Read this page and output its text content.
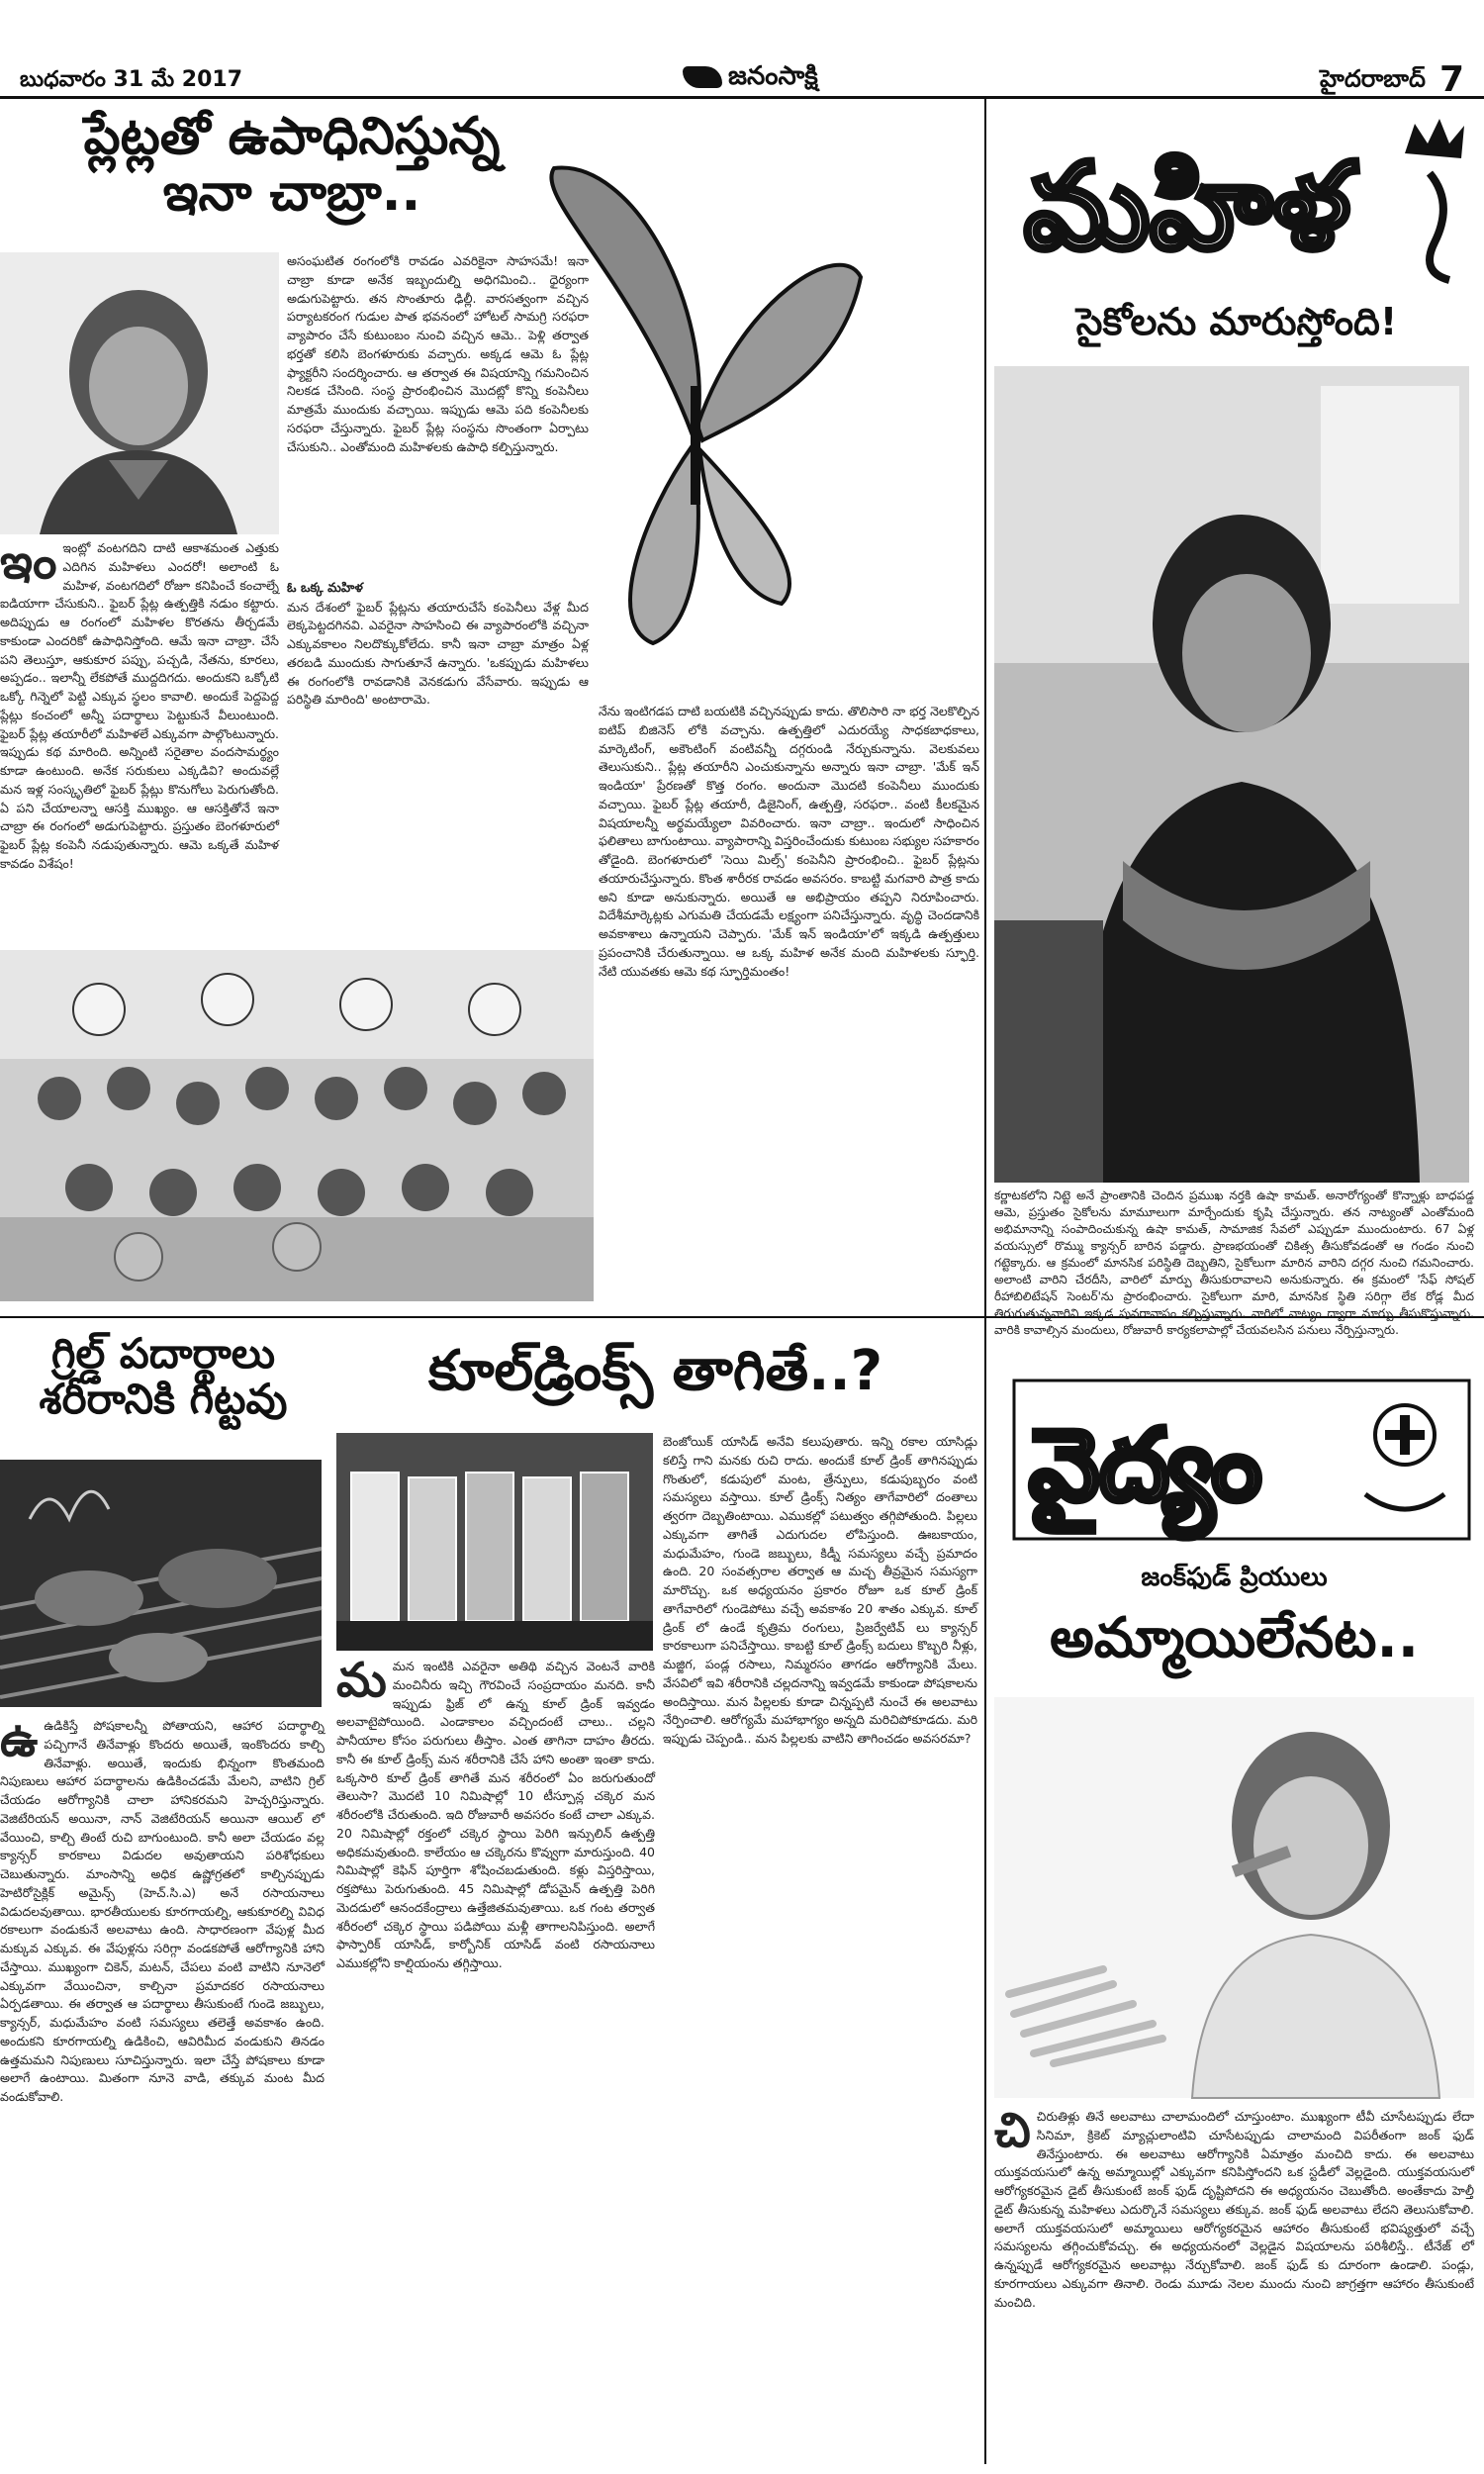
బుధవారం 31 మే 2017	జనంసాక్షి	హైదరాబాద్ 7
ప్లేట్లతో ఉపాధినిస్తున్న
ఇనా చాబ్రా..

అసంఘటిత రంగంలోకి రావడం ఎవరికైనా సాహసమే! ఇనా చాబ్రా కూడా అనేక ఇబ్బందుల్ని అధిగమించి.. ధైర్యంగా అడుగుపెట్టారు. తన సొంతూరు ఢిల్లీ. వారసత్వంగా వచ్చిన పర్యాటకరంగ గుడుల పాత భవనంలో హోటల్ సామగ్రి సరఫరా వ్యాపారం చేసే కుటుంబం నుంచి వచ్చిన ఆమె.. పెళ్లి తర్వాత భర్తతో కలిసి బెంగళూరుకు వచ్చారు. అక్కడ ఆమె ఓ ప్లేట్ల ఫ్యాక్టరీని సందర్శించారు. ఆ తర్వాత ఈ విషయాన్ని గమనించిన నిలకడ చేసింది. సంస్థ ప్రారంభించిన మొదట్లో కొన్ని కంపెనీలు మాత్రమే ముందుకు వచ్చాయి. ఇప్పుడు ఆమె పది కంపెనీలకు సరఫరా చేస్తున్నారు. ఫైబర్ ప్లేట్ల సంస్థను సొంతంగా ఏర్పాటు చేసుకుని.. ఎంతోమంది మహిళలకు ఉపాధి కల్పిస్తున్నారు.

ఇం ఇంట్లో వంటగదిని దాటి ఆకాశమంత ఎత్తుకు ఎదిగిన మహిళలు ఎందరో! అలాంటి ఓ మహిళ, వంటగదిలో రోజూ కనిపించే కంచాల్నే ఐడియాగా చేసుకుని.. ఫైబర్ ప్లేట్ల ఉత్పత్తికి నడుం కట్టారు. అదిప్పుడు ఆ రంగంలో మహిళల కొరతను తీర్చడమే కాకుండా ఎందరికో ఉపాధినిస్తోంది. ఆమే ఇనా చాబ్రా. చేసే పని తెలుస్తూ, ఆకుకూర పప్పు, పచ్చడి, నేతను, కూరలు, అప్పడం.. ఇలాన్నీ లేకపోతే ముద్దదిగదు. అందుకని ఒక్కోటి ఒక్కో గిన్నెలో పెట్టి ఎక్కువ స్థలం కావాలి. అందుకే పెద్దపెద్ద ప్లేట్లు కంచంలో అన్నీ పదార్థాలు పెట్టుకునే వీలుంటుంది. ఫైబర్ ప్లేట్ల తయారీలో మహిళలే ఎక్కువగా పాల్గొంటున్నారు. ఇప్పుడు కథ మారింది. అన్నింటి సరైతాల వందసామర్థ్యం కూడా ఉంటుంది. అనేక సరుకులు ఎక్కడివి? అందువల్లే మన ఇళ్ల సంస్కృతిలో ఫైబర్ ప్లేట్లు కొనుగోలు పెరుగుతోంది. ఏ పని చేయాలన్నా ఆసక్తి ముఖ్యం. ఆ ఆసక్తితోనే ఇనా చాబ్రా ఈ రంగంలో అడుగుపెట్టారు. ప్రస్తుతం బెంగళూరులో ఫైబర్ ప్లేట్ల కంపెనీ నడుపుతున్నారు. ఆమె ఒక్కతే మహిళ కావడం విశేషం!

ఓ ఒక్క మహిళ

మన దేశంలో ఫైబర్ ప్లేట్లను తయారుచేసే కంపెనీలు వేళ్ల మీద లెక్కపెట్టదగినవి. ఎవరైనా సాహసించి ఈ వ్యాపారంలోకి వచ్చినా ఎక్కువకాలం నిలదొక్కుకోలేదు. కానీ ఇనా చాబ్రా మాత్రం ఏళ్ల తరబడి ముందుకు సాగుతూనే ఉన్నారు. 'ఒకప్పుడు మహిళలు ఈ రంగంలోకి రావడానికి వెనకడుగు వేసేవారు. ఇప్పుడు ఆ పరిస్థితి మారింది' అంటారామె.

నేను ఇంటిగడప దాటి బయటికి వచ్చినప్పుడు కాదు. తొలిసారి నా భర్త నెలకొల్పిన ఐటిప్ బిజినెస్ లోకి వచ్చాను. ఉత్పత్తిలో ఎదురయ్యే సాధకబాధకాలు, మార్కెటింగ్, అకౌంటింగ్ వంటివన్నీ దగ్గరుండి నేర్చుకున్నాను. వెలకువలు తెలుసుకుని.. ప్లేట్ల తయారీని ఎంచుకున్నాను అన్నారు ఇనా చాబ్రా. 'మేక్ ఇన్ ఇండియా' ప్రేరణతో కొత్త రంగం. అందునా మొదటి కంపెనీలు ముందుకు వచ్చాయి. ఫైబర్ ప్లేట్ల తయారీ, డిజైనింగ్, ఉత్పత్తి, సరఫరా.. వంటి కీలకమైన విషయాలన్నీ అర్థమయ్యేలా వివరించారు. ఇనా చాబ్రా.. ఇందులో సాధించిన ఫలితాలు బాగుంటాయి. వ్యాపారాన్ని విస్తరించేందుకు కుటుంబ సభ్యుల సహకారం తోడైంది. బెంగళూరులో 'సెయి మిల్స్' కంపెనీని ప్రారంభించి.. ఫైబర్ ప్లేట్లను తయారుచేస్తున్నారు. కొంత శారీరక రావడం అవసరం. కాబట్టి మగవారి పాత్ర కాదు అని కూడా అనుకున్నారు. అయితే ఆ అభిప్రాయం తప్పని నిరూపించారు. విదేశీమార్కెట్లకు ఎగుమతి చేయడమే లక్ష్యంగా పనిచేస్తున్నారు. వృద్ధి చెందడానికి అవకాశాలు ఉన్నాయని చెప్పారు. 'మేక్ ఇన్ ఇండియా'లో ఇక్కడి ఉత్పత్తులు ప్రపంచానికి చేరుతున్నాయి. ఆ ఒక్క మహిళ అనేక మంది మహిళలకు స్ఫూర్తి. నేటి యువతకు ఆమె కథ స్ఫూర్తిమంతం!

మహిళ
సైకోలను మారుస్తోంది!

కర్ణాటకలోని నిట్టె అనే ప్రాంతానికి చెందిన ప్రముఖ నర్తకి ఉషా కామత్. అనారోగ్యంతో కొన్నాళ్లు బాధపడ్డ ఆమె, ప్రస్తుతం సైకోలను మామూలుగా మార్చేందుకు కృషి చేస్తున్నారు. తన నాట్యంతో ఎంతోమంది అభిమానాన్ని సంపాదించుకున్న ఉషా కామత్, సామాజిక సేవలో ఎప్పుడూ ముందుంటారు. 67 ఏళ్ల వయస్సులో రొమ్ము క్యాన్సర్ బారిన పడ్డారు. ప్రాణభయంతో చికిత్స తీసుకోవడంతో ఆ గండం నుంచి గట్టెక్కారు. ఆ క్రమంలో మానసిక పరిస్థితి దెబ్బతిని, సైకోలుగా మారిన వారిని దగ్గర నుంచి గమనించారు. అలాంటి వారిని చేరదీసి, వారిలో మార్పు తీసుకురావాలని అనుకున్నారు. ఈ క్రమంలో 'సేఫ్ సోషల్ రీహాబిలిటేషన్ సెంటర్'ను ప్రారంభించారు. సైకోలుగా మారి, మానసిక స్థితి సరిగ్గా లేక రోడ్ల మీద తిరుగుతున్నవారిని ఇక్కడ పునరావాసం కల్పిస్తున్నారు. వారిలో నాట్యం ద్వారా మార్పు తీసుకొస్తున్నారు. వారికి కావాల్సిన మందులు, రోజువారీ కార్యకలాపాల్లో చేయవలసిన పనులు నేర్పిస్తున్నారు.

గ్రిల్డ్ పదార్థాలు
శరీరానికి గిట్టవు
ఉ ఉడికిస్తే పోషకాలన్నీ పోతాయని, ఆహార పదార్థాల్ని పచ్చిగానే తినేవాళ్లు కొందరు అయితే, ఇంకొందరు కాల్చి తినేవాళ్లు. అయితే, ఇందుకు భిన్నంగా కొంతమంది నిపుణులు ఆహార పదార్థాలను ఉడికించడమే మేలని, వాటిని గ్రిల్ చేయడం ఆరోగ్యానికి చాలా హానికరమని హెచ్చరిస్తున్నారు. వెజిటేరియన్ అయినా, నాన్ వెజిటేరియన్ అయినా ఆయిల్ లో వేయించి, కాల్చి తింటే రుచి బాగుంటుంది. కానీ అలా చేయడం వల్ల క్యాన్సర్ కారకాలు విడుదల అవుతాయని పరిశోధకులు చెబుతున్నారు. మాంసాన్ని అధిక ఉష్ణోగ్రతలో కాల్చినప్పుడు హెటిరోసైక్లిక్ అమైన్స్ (హెచ్.సి.ఎ) అనే రసాయనాలు విడుదలవుతాయి. భారతీయులకు కూరగాయల్ని, ఆకుకూరల్ని వివిధ రకాలుగా వండుకునే అలవాటు ఉంది. సాధారణంగా వేపుళ్ల మీద మక్కువ ఎక్కువ. ఈ వేపుళ్లను సరిగ్గా వండకపోతే ఆరోగ్యానికి హాని చేస్తాయి. ముఖ్యంగా చికెన్, మటన్, చేపలు వంటి వాటిని నూనెలో ఎక్కువగా వేయించినా, కాల్చినా ప్రమాదకర రసాయనాలు ఏర్పడతాయి. ఈ తర్వాత ఆ పదార్థాలు తీసుకుంటే గుండె జబ్బులు, క్యాన్సర్, మధుమేహం వంటి సమస్యలు తలెత్తే అవకాశం ఉంది. అందుకని కూరగాయల్ని ఉడికించి, ఆవిరిమీద వండుకుని తినడం ఉత్తమమని నిపుణులు సూచిస్తున్నారు. ఇలా చేస్తే పోషకాలు కూడా అలాగే ఉంటాయి. మితంగా నూనె వాడి, తక్కువ మంట మీద వండుకోవాలి.

కూల్‌డ్రింక్స్ తాగితే..?
మ మన ఇంటికి ఎవరైనా అతిథి వచ్చిన వెంటనే వారికి మంచినీరు ఇచ్చి గౌరవించే సంప్రదాయం మనది. కానీ ఇప్పుడు ఫ్రిజ్ లో ఉన్న కూల్ డ్రింక్ ఇవ్వడం అలవాటైపోయింది. ఎండాకాలం వచ్చిందంటే చాలు.. చల్లని పానీయాల కోసం పరుగులు తీస్తాం. ఎంత తాగినా దాహం తీరదు. కానీ ఈ కూల్ డ్రింక్స్ మన శరీరానికి చేసే హాని అంతా ఇంతా కాదు. ఒక్కసారి కూల్ డ్రింక్ తాగితే మన శరీరంలో ఏం జరుగుతుందో తెలుసా? మొదటి 10 నిమిషాల్లో 10 టీస్పూన్ల చక్కెర మన శరీరంలోకి చేరుతుంది. ఇది రోజువారీ అవసరం కంటే చాలా ఎక్కువ. 20 నిమిషాల్లో రక్తంలో చక్కెర స్థాయి పెరిగి ఇన్సులిన్ ఉత్పత్తి అధికమవుతుంది. కాలేయం ఆ చక్కెరను కొవ్వుగా మారుస్తుంది. 40 నిమిషాల్లో కెఫిన్ పూర్తిగా శోషించబడుతుంది. కళ్లు విస్తరిస్తాయి, రక్తపోటు పెరుగుతుంది. 45 నిమిషాల్లో డోపమైన్ ఉత్పత్తి పెరిగి మెదడులో ఆనందకేంద్రాలు ఉత్తేజితమవుతాయి. ఒక గంట తర్వాత శరీరంలో చక్కెర స్థాయి పడిపోయి మళ్లీ తాగాలనిపిస్తుంది. అలాగే ఫాస్పారిక్ యాసిడ్, కార్బోనిక్ యాసిడ్ వంటి రసాయనాలు ఎముకల్లోని కాల్షియంను తగ్గిస్తాయి.

బెంజోయిక్ యాసిడ్ అనేవి కలుపుతారు. ఇన్ని రకాల యాసిడ్లు కలిస్తే గాని మనకు రుచి రాదు. అందుకే కూల్ డ్రింక్ తాగినప్పుడు గొంతులో, కడుపులో మంట, త్రేన్పులు, కడుపుబ్బరం వంటి సమస్యలు వస్తాయి. కూల్ డ్రింక్స్ నిత్యం తాగేవారిలో దంతాలు త్వరగా దెబ్బతింటాయి. ఎముకల్లో పటుత్వం తగ్గిపోతుంది. పిల్లలు ఎక్కువగా తాగితే ఎదుగుదల లోపిస్తుంది. ఊబకాయం, మధుమేహం, గుండె జబ్బులు, కిడ్నీ సమస్యలు వచ్చే ప్రమాదం ఉంది. 20 సంవత్సరాల తర్వాత ఆ మచ్చ తీవ్రమైన సమస్యగా మారొచ్చు. ఒక అధ్యయనం ప్రకారం రోజూ ఒక కూల్ డ్రింక్ తాగేవారిలో గుండెపోటు వచ్చే అవకాశం 20 శాతం ఎక్కువ. కూల్ డ్రింక్ లో ఉండే కృత్రిమ రంగులు, ప్రిజర్వేటివ్ లు క్యాన్సర్ కారకాలుగా పనిచేస్తాయి. కాబట్టి కూల్ డ్రింక్స్ బదులు కొబ్బరి నీళ్లు, మజ్జిగ, పండ్ల రసాలు, నిమ్మరసం తాగడం ఆరోగ్యానికి మేలు. వేసవిలో ఇవి శరీరానికి చల్లదనాన్ని ఇవ్వడమే కాకుండా పోషకాలను అందిస్తాయి. మన పిల్లలకు కూడా చిన్నప్పటి నుంచే ఈ అలవాటు నేర్పించాలి. ఆరోగ్యమే మహాభాగ్యం అన్నది మరిచిపోకూడదు. మరి ఇప్పుడు చెప్పండి.. మన పిల్లలకు వాటిని తాగించడం అవసరమా?

వైద్యం
జంక్‌ఫుడ్ ప్రియులు
అమ్మాయిలేనట..
చి చిరుతిళ్లు తినే అలవాటు చాలామందిలో చూస్తుంటాం. ముఖ్యంగా టీవీ చూసేటప్పుడు లేదా సినిమా, క్రికెట్ మ్యాచ్లులాంటివి చూసేటప్పుడు చాలామంది విపరీతంగా జంక్ ఫుడ్ తినేస్తుంటారు. ఈ అలవాటు ఆరోగ్యానికి ఏమాత్రం మంచిది కాదు. ఈ అలవాటు యుక్తవయసులో ఉన్న అమ్మాయిల్లో ఎక్కువగా కనిపిస్తోందని ఒక స్టడీలో వెల్లడైంది. యుక్తవయసులో ఆరోగ్యకరమైన డైట్ తీసుకుంటే జంక్ ఫుడ్ దృష్టిపోదని ఈ అధ్యయనం చెబుతోంది. అంతేకాదు హెల్తీ డైట్ తీసుకున్న మహిళలు ఎదుర్కొనే సమస్యలు తక్కువ. జంక్ ఫుడ్ అలవాటు లేదని తెలుసుకోవాలి. అలాగే యుక్తవయసులో అమ్మాయిలు ఆరోగ్యకరమైన ఆహారం తీసుకుంటే భవిష్యత్తులో వచ్చే సమస్యలను తగ్గించుకోవచ్చు. ఈ అధ్యయనంలో వెల్లడైన విషయాలను పరిశీలిస్తే.. టీనేజ్ లో ఉన్నప్పుడే ఆరోగ్యకరమైన అలవాట్లు నేర్చుకోవాలి. జంక్ ఫుడ్ కు దూరంగా ఉండాలి. పండ్లు, కూరగాయలు ఎక్కువగా తినాలి. రెండు మూడు నెలల ముందు నుంచి జాగ్రత్తగా ఆహారం తీసుకుంటే మంచిది.
